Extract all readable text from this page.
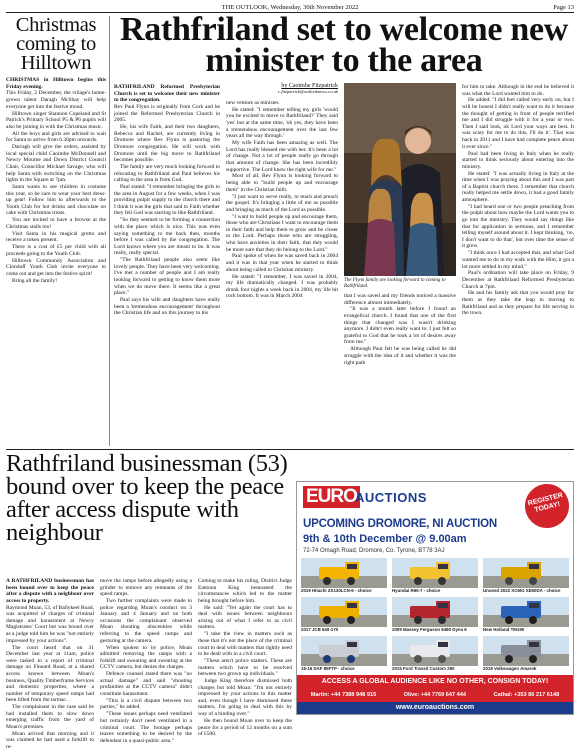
THE OUTLOOK, Wednesday, 30th November 2022	Page 13
Christmas coming to Hilltown

CHRISTMAS in Hilltown begins this Friday evening.

This Friday, 2 December, the village's home-grown talent Daragh McShay will help everyone get into the festive mood.

Hilltown singer Shannon Copeland and St Patrick's Primary School P5 & P6 pupils will also be joining in with the Christmas music.

All the boys and girls are advised to wait for Santa to arrive from 6.30pm onwards.

Darragh will give the orders, assisted by local special child Caoimhe McDonnell and Newry Mourne and Down District Council Chair, Councillor Michael Savage, who will help Santa with switching on the Christmas lights in the Square at 7pm.

Santa wants to see children in costume this year, so be sure to wear your best dress-up gear! Follow him to afterwards to the Youth Club for hot drinks and chocolate on cake with Christmas treats.

You are invited to have a browse at the Christmas stalls too!

Visit Santa in his magical grotto and receive a token present.

There is a cost of £5 per child with all proceeds going to the Youth Club.

Hilltown Community Association and Clonduff Youth Club invite everyone to come out and get into the festive spirit!

Bring all the family!

Rathfriland set to welcome new minister to the area

RATHFRILAND Reformed Presbyterian Church is set to welcome their new minister to the congregation.

Rev Paul Flynn is originally from Cork and he joined the Reformed Presbyterian Church in 2005.

He, his wife Faith, and their two daughters, Rebecca and Rachel, are currently living in Dromore where Rev Flynn is pastoring the Dromore congregation. He will work with Dromore until the big move to Rathfriland becomes possible.

The family are very much looking forward to relocating to Rathfriland and Paul believes his calling to the area is from God.

Paul stated: "I remember bringing the girls to the area in August for a few weeks, when I was providing pulpit supply to the church there and I think it was the girls that said to Faith whether they felt God was starting to like Rathfriland.

"So they seemed to be forming a connection with the place which is nice. This was even saying something to me back then, months before I was called by the congregation. The Lord knows where you are meant to be. It was really, really special.

"The Rathfriland people also seem like lovely people. They have been very welcoming. I've met a number of people and I am really looking forward to getting to know them more when we do move there. It seems like a great place."

Paul says his wife and daughters have really been a 'tremendous encouragement' throughout the Christian life and on this journey to his

by Caoimhe Fitzpatrick
c.fitzpatrick@outlooknews.co.uk

new venture as minister.

He stated: "I remember telling my girls 'would you be excited to move to Rathfriland?' They said 'yes' but at the same time, 'oh yes, they have been a tremendous encouragement over the last few years all the way through.'

My wife Faith has been amazing as well. The Lord has really blessed me with her. It's been a lot of change. Not a lot of people really go through that amount of change. She has been incredibly supportive. The Lord knew the right wife for me."

Most of all, Rev Flynn is looking forward to being able to "build people up and encourage them" in the Christian faith.

"I just want to serve really, to teach and preach the gospel. It's bringing a little of me as possible and bringing as much of the Lord as possible.

"I want to build people up and encourage them, those who are Christians I want to encourage them in their faith and help them to grow and be closer to the Lord. Perhaps those who are struggling, who have anxieties in their faith, that they would be more sure that they do belong to the Lord."

Paul spoke of when he was saved back in 2004 and it was in that year when he started to think about being called to Christian ministry.

He stated: "I remember, I was saved in 2004, my life dramatically changed. I was probably drunk four nights a week back in 2004, my life hit rock bottom. It was in March 2004

The Flynn family are looking forward to coming to Rathfriland.

that I was saved and my friends noticed a massive difference almost immediately.

"It was a month later before I found an evangelical church. I found that one of the first things that changed was I wasn't drinking anymore. I didn't even really want to. I just felt so grateful to God that he took a lot of desires away from me."

Although Paul felt he was being called he did struggle with the idea of it and whether it was the right path

for him to take. Although in the end he believed it was what the Lord wanted him to do.

He added: "I did feel called very early on, but I will be honest I didn't really want to do it because the thought of getting in front of people terrified me and I did struggle with it for a year or two. Then I said look, ok Lord your ways are best. It was scary for me to do this, I'll do it'. That was back in 2011 and I have had complete peace about it ever since."

Paul had been living in Italy when he really started to think seriously about entering into the ministry.

He stated: "I was actually living in Italy at the time when I was praying about this and I was part of a Baptist church there. I remember that church really helped me settle down, it had a good family atmosphere.

"I had heard one or two people preaching from the pulpit about how maybe the Lord wants you to go into the ministry. They would say things like that for application in sermons, and I remember telling myself around about it. I kept thinking, 'no, I don't want to do that', but over time the sense of it grew.

"I think once I had accepted that, and what God wanted me to do in my walk with the Him, it got a lot more settled in my mind."

Paul's ordination will take place on Friday, 9 December at Rathfriland Reformed Presbyterian Church at 7pm.

He and his family ask that you would pray for them as they take the leap in moving to Rathfriland and as they prepare for life serving in the town.

Rathfriland businessman (53) bound over to keep the peace after access dispute with neighbour

A RATHFRILAND businessman has been bound over to keep the peace after a dispute with a neighbour over access to property.

Raymond Moan, 53, of Ballykeel Road, was acquitted of charges of criminal damage and harassment at Newry Magistrates' Court but was bound over as a judge told him he was "not entirely impressed by your actions".

The court heard that on 31 December last year at 11am, police were tasked to a report of criminal damage on Finnard Road, at a shared access known between Moan's business, Quality Timberframe Services and domestic properties, where a number of temporary speed ramps had been lifted from the tarmac.

The complainant in the case said he had installed them to slow down emerging traffic from the yard of Moan's premises.

Moan arrived that morning and it was claimed he had used a forklift to re-

move the ramps before allegedly using a grinder to remove any remnants of the speed ramps.

Two further complaints were made to police regarding Moan's conduct on 3 January and 4 January and on both occasions the complainant observed Moan shouting obscenities while referring to the speed ramps and gesturing at the camera.

When spoken to by police, Moan admitted removing the ramps with a forklift and swearing and swearing at the CCTV camera, but denies the charges.

Defence counsel stated there was "no actual damage" and said "shouting profanities at the CCTV camera" didn't constitute harassment.

"This is a civil dispute between two parties," he added.

"These issues perhaps need ventilated but certainly don't need ventilated in a criminal court. The footage perhaps leaves something to be desired by the defendant in a quasi-public area."

Coming to make his ruling, District Judge Eamonn King bemoaned the circumstances which led to the matter being brought before him.

He said: "Yet again the court has to deal with issues between neighbours arising out of what I refer to as civil matters.

"I take the view in matters such as these that it's not the place of the criminal court to deal with matters that rightly need to be dealt with in a civil court.

"These aren't police matters. These are matters which have to be resolved between two grown up individuals."

Judge King therefore dismissed both charges but told Moan: "I'm not entirely impressed by your actions in this matter and, even though I have dismissed these matters, I'm going to deal with this by way of a binding over."

He then bound Moan over to keep the peace for a period of 12 months on a sum of £500.

EURO
AUCTIONS	REGISTER TODAY!
UPCOMING DROMORE, NI AUCTION
9th & 10th December @ 9.00am
72-74 Omagh Road, Dromore, Co. Tyrone, BT78 3AJ
2019 Hitachi ZX130LCN-6 - choice	Hyundai R60-7 - choice	Unused 2022 XCMG XE60DA - choice
2017 JCB 540-170	2009 Massey Ferguson 6480 Dyna 6	New Holland TM190
15-16 DAF 85FTP - choice	2015 Ford Transit Custom 290	2018 Volkswagen Amarok
ACCESS A GLOBAL AUDIENCE LIKE NO OTHER, CONSIGN TODAY!
Martin: +44 7388 948 915	Olive: +44 7769 647 444	Cathal: +353 86 217 6148
www.euroauctions.com
